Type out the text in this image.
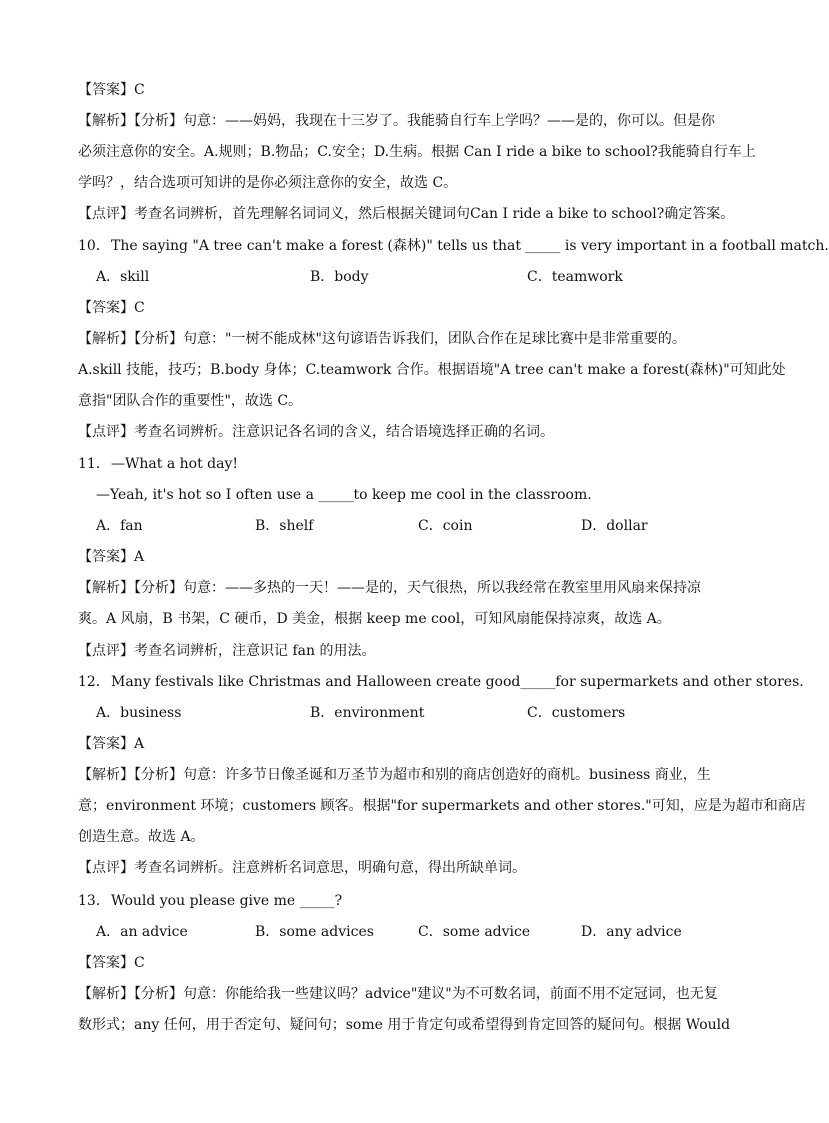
【答案】C
【解析】【分析】句意：——妈妈，我现在十三岁了。我能骑自行车上学吗？——是的，你可以。但是你
必须注意你的安全。A.规则；B.物品；C.安全；D.生病。根据 Can I ride a bike to school?我能骑自行车上
学吗？，结合选项可知讲的是你必须注意你的安全，故选 C。
【点评】考查名词辨析，首先理解名词词义，然后根据关键词句Can I ride a bike to school?确定答案。
10．The saying "A tree can't make a forest (森林)" tells us that _____ is very important in a football match.
A．skill	B．body	C．teamwork
【答案】C
【解析】【分析】句意："一树不能成林"这句谚语告诉我们，团队合作在足球比赛中是非常重要的。
A.skill 技能，技巧；B.body 身体；C.teamwork 合作。根据语境"A tree can't make a forest(森林)"可知此处
意指"团队合作的重要性"，故选 C。
【点评】考查名词辨析。注意识记各名词的含义，结合语境选择正确的名词。
11．—What a hot day!
—Yeah, it's hot so I often use a _____to keep me cool in the classroom.
A．fan	B．shelf	C．coin	D．dollar
【答案】A
【解析】【分析】句意：——多热的一天！——是的，天气很热，所以我经常在教室里用风扇来保持凉
爽。A 风扇，B 书架，C 硬币，D 美金，根据 keep me cool，可知风扇能保持凉爽，故选 A。
【点评】考查名词辨析，注意识记 fan 的用法。
12．Many festivals like Christmas and Halloween create good_____for supermarkets and other stores.
A．business	B．environment	C．customers
【答案】A
【解析】【分析】句意：许多节日像圣诞和万圣节为超市和别的商店创造好的商机。business 商业，生
意；environment 环境；customers 顾客。根据"for supermarkets and other stores."可知，应是为超市和商店
创造生意。故选 A。
【点评】考查名词辨析。注意辨析名词意思，明确句意，得出所缺单词。
13．Would you please give me _____?
A．an advice	B．some advices	C．some advice	D．any advice
【答案】C
【解析】【分析】句意：你能给我一些建议吗？advice"建议"为不可数名词，前面不用不定冠词，也无复
数形式；any 任何，用于否定句、疑问句；some 用于肯定句或希望得到肯定回答的疑问句。根据 Would
